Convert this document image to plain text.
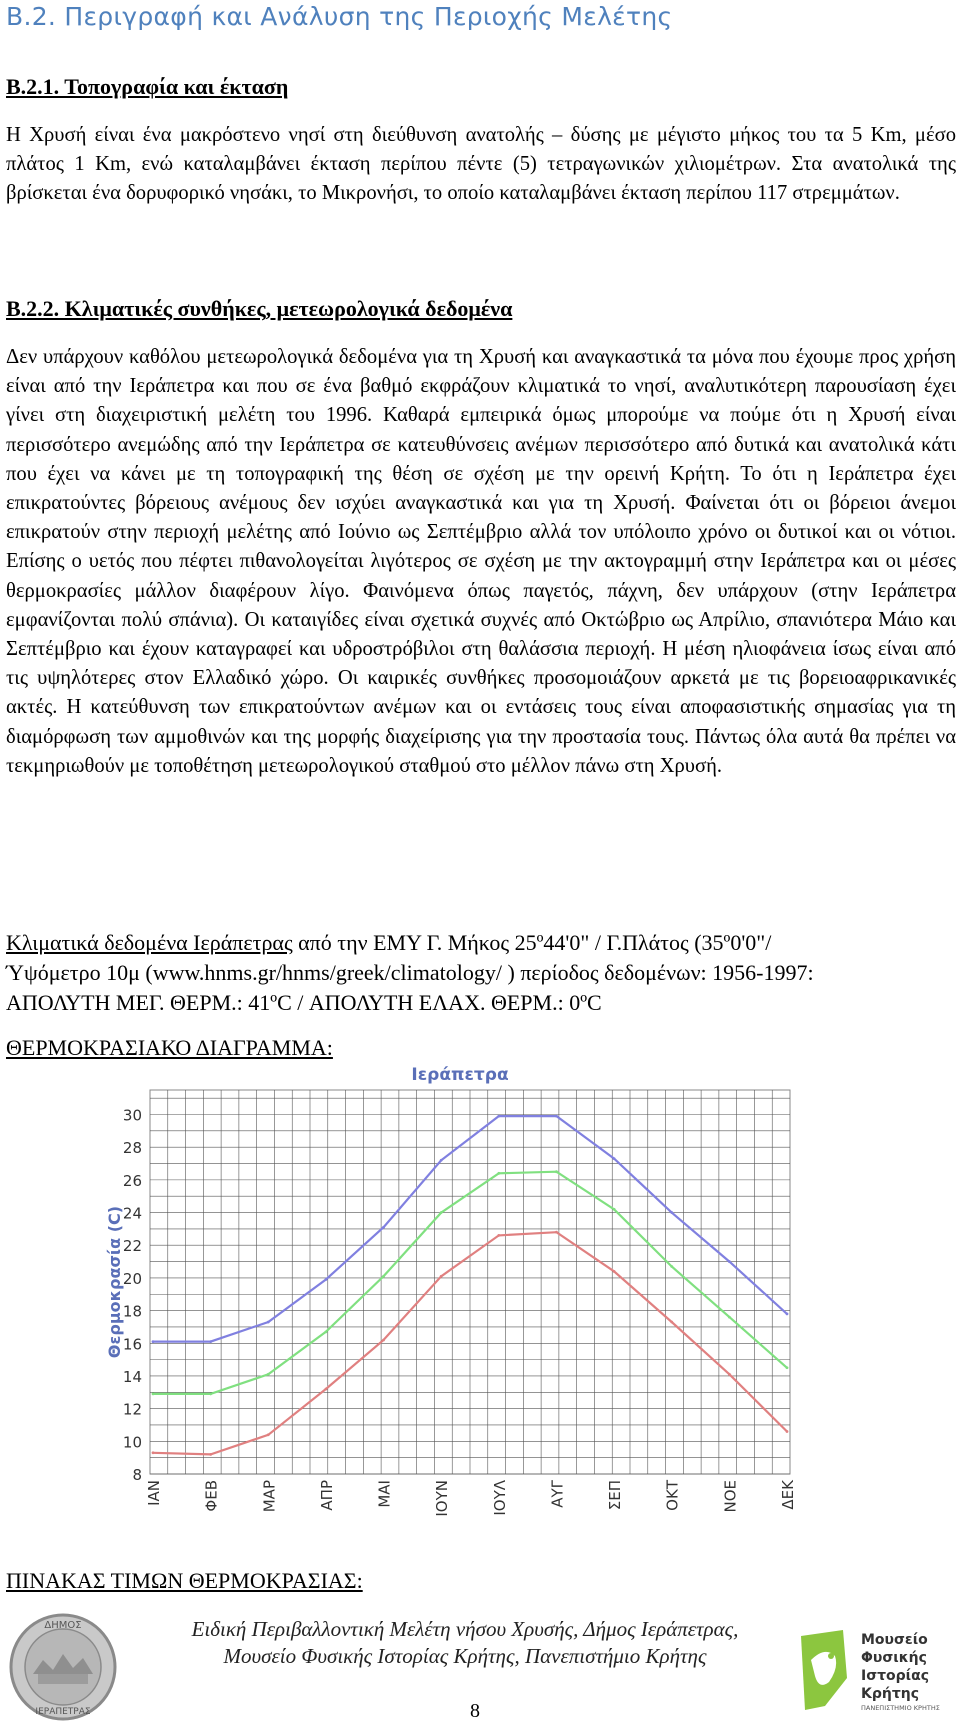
Β.2. Περιγραφή και Ανάλυση της Περιοχής Μελέτης
Β.2.1. Τοπογραφία και έκταση

Η Χρυσή είναι ένα μακρόστενο νησί στη διεύθυνση ανατολής – δύσης με μέγιστο μήκος του τα 5 Km, μέσο πλάτος 1 Km, ενώ καταλαμβάνει έκταση περίπου πέντε (5) τετραγωνικών χιλιομέτρων. Στα ανατολικά της βρίσκεται ένα δορυφορικό νησάκι, το Μικρονήσι, το οποίο καταλαμβάνει έκταση περίπου 117 στρεμμάτων.

Β.2.2. Κλιματικές συνθήκες, μετεωρολογικά δεδομένα

Δεν υπάρχουν καθόλου μετεωρολογικά δεδομένα για τη Χρυσή και αναγκαστικά τα μόνα που έχουμε προς χρήση είναι από την Ιεράπετρα και που σε ένα βαθμό εκφράζουν κλιματικά το νησί, αναλυτικότερη παρουσίαση έχει γίνει στη διαχειριστική μελέτη του 1996. Καθαρά εμπειρικά όμως μπορούμε να πούμε ότι η Χρυσή είναι περισσότερο ανεμώδης από την Ιεράπετρα σε κατευθύνσεις ανέμων περισσότερο από δυτικά και ανατολικά κάτι που έχει να κάνει με τη τοπογραφική της θέση σε σχέση με την ορεινή Κρήτη. Το ότι η Ιεράπετρα έχει επικρατούντες βόρειους ανέμους δεν ισχύει αναγκαστικά και για τη Χρυσή. Φαίνεται ότι οι βόρειοι άνεμοι επικρατούν στην περιοχή μελέτης από Ιούνιο ως Σεπτέμβριο αλλά τον υπόλοιπο χρόνο οι δυτικοί και οι νότιοι. Επίσης ο υετός που πέφτει πιθανολογείται λιγότερος σε σχέση με την ακτογραμμή στην Ιεράπετρα και οι μέσες θερμοκρασίες μάλλον διαφέρουν λίγο. Φαινόμενα όπως παγετός, πάχνη, δεν υπάρχουν (στην Ιεράπετρα εμφανίζονται πολύ σπάνια). Οι καταιγίδες είναι σχετικά συχνές από Οκτώβριο ως Απρίλιο, σπανιότερα Μάιο και Σεπτέμβριο και έχουν καταγραφεί και υδροστρόβιλοι στη θαλάσσια περιοχή. Η μέση ηλιοφάνεια ίσως είναι από τις υψηλότερες στον Ελλαδικό χώρο. Οι καιρικές συνθήκες προσομοιάζουν αρκετά με τις βορειοαφρικανικές ακτές. Η κατεύθυνση των επικρατούντων ανέμων και οι εντάσεις τους είναι αποφασιστικής σημασίας για τη διαμόρφωση των αμμοθινών και της μορφής διαχείρισης για την προστασία τους. Πάντως όλα αυτά θα πρέπει να τεκμηριωθούν με τοποθέτηση μετεωρολογικού σταθμού στο μέλλον πάνω στη Χρυσή.

Κλιματικά δεδομένα Ιεράπετρας από την ΕΜΥ Γ. Μήκος 25º44'0" / Γ.Πλάτος (35º0'0"/
Ύψόμετρο 10μ (www.hnms.gr/hnms/greek/climatology/ ) περίοδος δεδομένων: 1956-1997:
ΑΠΟΛΥΤΗ ΜΕΓ. ΘΕΡΜ.: 41ºC / ΑΠΟΛΥΤΗ ΕΛΑΧ. ΘΕΡΜ.: 0ºC
ΘΕΡΜΟΚΡΑΣΙΑΚΟ ΔΙΑΓΡΑΜΜΑ:
8
10
12
14
16
18
20
22
24
26
28
30
ΙΑΝ	ΦΕΒ	ΜΑΡ	ΑΠΡ	ΜΑΙ	ΙΟΥΝ	ΙΟΥΛ	ΑΥΓ	ΣΕΠ	ΟΚΤ	ΝΟΕ	ΔΕΚ
Ιεράπετρα
Θερμοκρασία (C)
ΠΙΝΑΚΑΣ ΤΙΜΩΝ ΘΕΡΜΟΚΡΑΣΙΑΣ:
ΔΗΜΟΣ
ΙΕΡΑΠΕΤΡΑΣ
Ειδική Περιβαλλοντική Μελέτη νήσου Χρυσής, Δήμος Ιεράπετρας,
Μουσείο Φυσικής Ιστορίας Κρήτης, Πανεπιστήμιο Κρήτης
Μουσείο
Φυσικής
Ιστορίας
Κρήτης
ΠΑΝΕΠΙΣΤΗΜΙΟ ΚΡΗΤΗΣ
8
